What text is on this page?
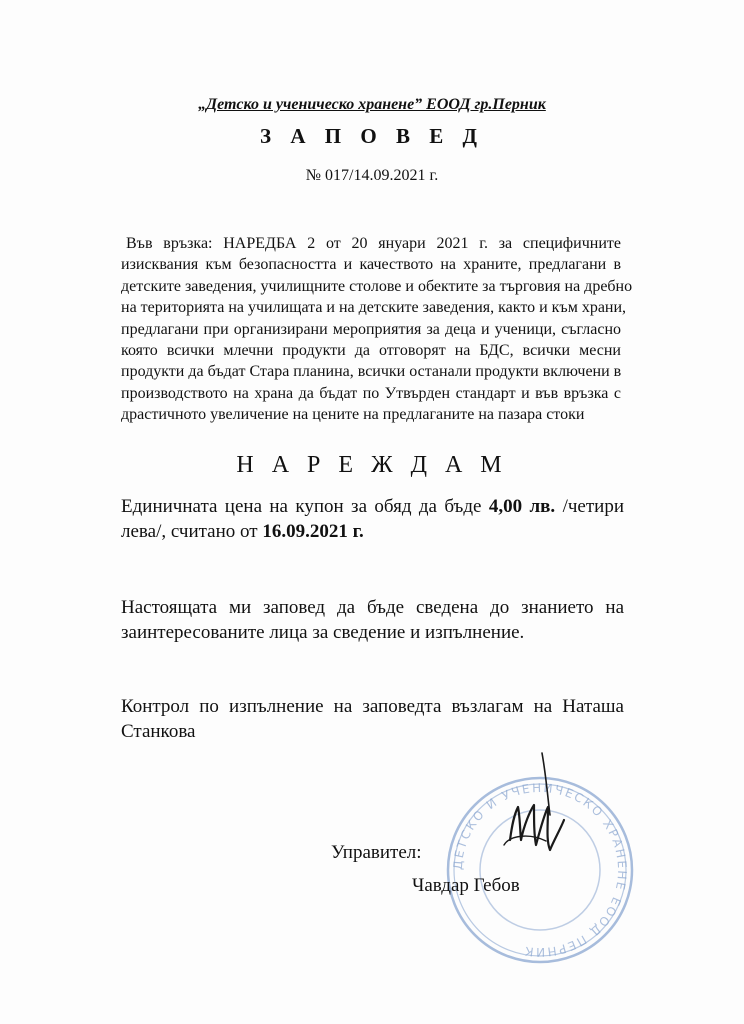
„Детско и ученическо хранене” ЕООД гр.Перник
З А П О В Е Д
№ 017/14.09.2021 г.
Във връзка: НАРЕДБА 2 от 20 януари 2021 г. за специфичните
изисквания към безопасността и качеството на храните, предлагани в
детските заведения, училищните столове и обектите за търговия на дребно
на територията на училищата и на детските заведения, както и към храни,
предлагани при организирани мероприятия за деца и ученици, съгласно
която всички млечни продукти да отговорят на БДС, всички месни
продукти да бъдат Стара планина, всички останали продукти включени в
производството на храна да бъдат по Утвърден стандарт и във връзка с
драстичното увеличение на цените на предлаганите на пазара стоки
Н А Р Е Ж Д А М
Единичната цена на купон за обяд да бъде 4,00 лв. /четири
лева/, считано от 16.09.2021 г.
Настоящата ми заповед да бъде сведена до знанието на
заинтересованите лица за сведение и изпълнение.
Контрол по изпълнение на заповедта възлагам на Наташа
Станкова
ДЕТСКО И УЧЕНИЧЕСКО ХРАНЕНЕ ЕООД ПЕРНИК
Управител:
Чавдар Гебов
